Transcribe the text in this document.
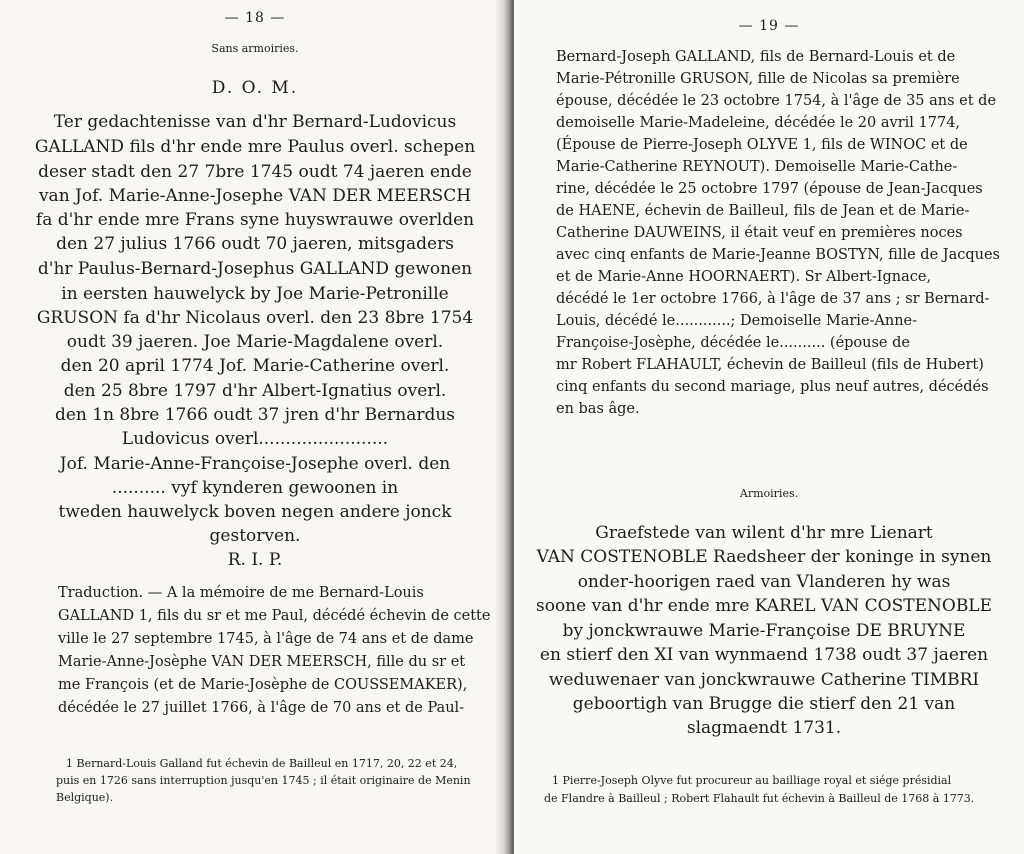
— 18 —
Sans armoiries.
D. O. M.
Ter gedachtenisse van d'hr Bernard-Ludovicus
GALLAND fils d'hr ende mre Paulus overl. schepen
deser stadt den 27 7bre 1745 oudt 74 jaeren ende
van Jof. Marie-Anne-Josephe VAN DER MEERSCH
fa d'hr ende mre Frans syne huyswrauwe overlden
den 27 julius 1766 oudt 70 jaeren, mitsgaders
d'hr Paulus-Bernard-Josephus GALLAND gewonen
in eersten hauwelyck by Joe Marie-Petronille
GRUSON fa d'hr Nicolaus overl. den 23 8bre 1754
oudt 39 jaeren. Joe Marie-Magdalene overl.
den 20 april 1774 Jof. Marie-Catherine overl.
den 25 8bre 1797 d'hr Albert-Ignatius overl.
den 1n 8bre 1766 oudt 37 jren d'hr Bernardus
Ludovicus overl........................
Jof. Marie-Anne-Françoise-Josephe overl. den
.......... vyf kynderen gewoonen in
tweden hauwelyck boven negen andere jonck
gestorven.
R. I. P.
Traduction. — A la mémoire de me Bernard-Louis
GALLAND 1, fils du sr et me Paul, décédé échevin de cette
ville le 27 septembre 1745, à l'âge de 74 ans et de dame
Marie-Anne-Josèphe VAN DER MEERSCH, fille du sr et
me François (et de Marie-Josèphe de COUSSEMAKER),
décédée le 27 juillet 1766, à l'âge de 70 ans et de Paul-
1 Bernard-Louis Galland fut échevin de Bailleul en 1717, 20, 22 et 24,
puis en 1726 sans interruption jusqu'en 1745 ; il était originaire de Menin
Belgique).
— 19 —
Bernard-Joseph GALLAND, fils de Bernard-Louis et de
Marie-Pétronille GRUSON, fille de Nicolas sa première
épouse, décédée le 23 octobre 1754, à l'âge de 35 ans et de
demoiselle Marie-Madeleine, décédée le 20 avril 1774,
(Épouse de Pierre-Joseph OLYVE 1, fils de WINOC et de
Marie-Catherine REYNOUT). Demoiselle Marie-Cathe-
rine, décédée le 25 octobre 1797 (épouse de Jean-Jacques
de HAENE, échevin de Bailleul, fils de Jean et de Marie-
Catherine DAUWEINS, il était veuf en premières noces
avec cinq enfants de Marie-Jeanne BOSTYN, fille de Jacques
et de Marie-Anne HOORNAERT). Sr Albert-Ignace,
décédé le 1er octobre 1766, à l'âge de 37 ans ; sr Bernard-
Louis, décédé le............; Demoiselle Marie-Anne-
Françoise-Josèphe, décédée le.......... (épouse de
mr Robert FLAHAULT, échevin de Bailleul (fils de Hubert)
cinq enfants du second mariage, plus neuf autres, décédés
en bas âge.
Armoiries.
Graefstede van wilent d'hr mre Lienart
VAN COSTENOBLE Raedsheer der koninge in synen
onder-hoorigen raed van Vlanderen hy was
soone van d'hr ende mre KAREL VAN COSTENOBLE
by jonckwrauwe Marie-Françoise DE BRUYNE
en stierf den XI van wynmaend 1738 oudt 37 jaeren
weduwenaer van jonckwrauwe Catherine TIMBRI
geboortigh van Brugge die stierf den 21 van
slagmaendt 1731.
1 Pierre-Joseph Olyve fut procureur au bailliage royal et siége présidial
de Flandre à Bailleul ; Robert Flahault fut échevin à Bailleul de 1768 à 1773.
